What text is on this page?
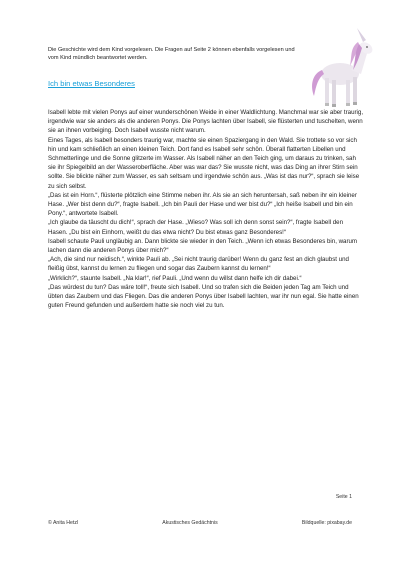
Die Geschichte wird dem Kind vorgelesen. Die Fragen auf Seite 2 können ebenfalls vorgelesen und vom Kind mündlich beantwortet werden.
Ich bin etwas Besonderes

Isabell lebte mit vielen Ponys auf einer wunderschönen Weide in einer Waldlichtung. Manchmal war sie aber traurig, irgendwie war sie anders als die anderen Ponys. Die Ponys lachten über Isabell, sie flüsterten und tuschelten, wenn sie an ihnen vorbeiging. Doch Isabell wusste nicht warum.

Eines Tages, als Isabell besonders traurig war, machte sie einen Spaziergang in den Wald. Sie trottete so vor sich hin und kam schließlich an einen kleinen Teich. Dort fand es Isabell sehr schön. Überall flatterten Libellen und Schmetterlinge und die Sonne glitzerte im Wasser. Als Isabell näher an den Teich ging, um daraus zu trinken, sah sie ihr Spiegelbild an der Wasseroberfläche. Aber was war das? Sie wusste nicht, was das Ding an ihrer Stirn sein sollte. Sie blickte näher zum Wasser, es sah seltsam und irgendwie schön aus. „Was ist das nur?“, sprach sie leise zu sich selbst.

„Das ist ein Horn.“, flüsterte plötzlich eine Stimme neben ihr. Als sie an sich heruntersah, saß neben ihr ein kleiner Hase. „Wer bist denn du?“, fragte Isabell. „Ich bin Pauli der Hase und wer bist du?“ „Ich heiße Isabell und bin ein Pony.“, antwortete Isabell.

„Ich glaube da täuscht du dich!“, sprach der Hase. „Wieso? Was soll ich denn sonst sein?“, fragte Isabell den Hasen. „Du bist ein Einhorn, weißt du das etwa nicht? Du bist etwas ganz Besonderes!“

Isabell schaute Pauli ungläubig an. Dann blickte sie wieder in den Teich. „Wenn ich etwas Besonderes bin, warum lachen dann die anderen Ponys über mich?“

„Ach, die sind nur neidisch.“, winkte Pauli ab. „Sei nicht traurig darüber! Wenn du ganz fest an dich glaubst und fleißig übst, kannst du lernen zu fliegen und sogar das Zaubern kannst du lernen!“

„Wirklich?“, staunte Isabell. „Na klar!“, rief Pauli. „Und wenn du willst dann helfe ich dir dabei.“

„Das würdest du tun? Das wäre toll!“, freute sich Isabell. Und so trafen sich die Beiden jeden Tag am Teich und übten das Zaubern und das Fliegen. Das die anderen Ponys über Isabell lachten, war ihr nun egal. Sie hatte einen guten Freund gefunden und außerdem hatte sie noch viel zu tun.

Seite 1
© Anita Hetzl	Akustisches Gedächtnis	Bildquelle: pixabay.de
